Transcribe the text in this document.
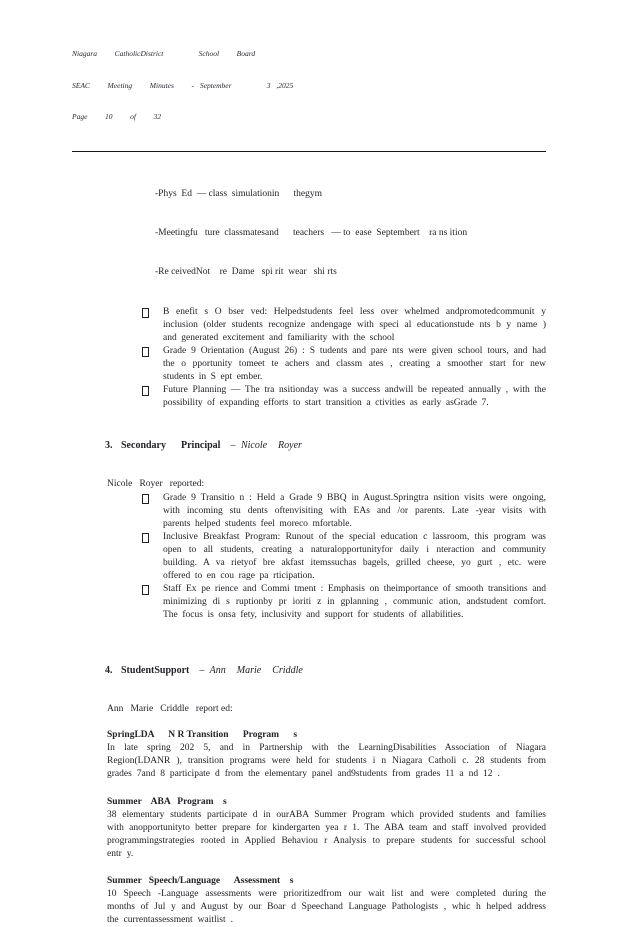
Niagara   CatholicDistrict      School   Board

SEAC   Meeting   Minutes   - September      3 ,2025

Page   10   of   32

-Phys  Ed  — class  simulationin      thegym

-Meetingfu   ture  classmatesand      teachers   — to  ease  Septembert    ra ns ition

-Re ceivedNot    re  Dame   spi rit  wear   shi rts

B enefit s O bser ved: Helpedstudents feel less over whelmed andpromotedcommunit y inclusion (older students recognize andengage with speci al educationstude nts b y name ) and generated excitement and familiarity with the school
Grade 9 Orientation (August 26) : S tudents and pare nts were given school tours, and had the o pportunity tomeet te achers and classm ates , creating a smoother start for new students in S ept ember.
Future Planning — The tra nsitionday was a success andwill be repeated annually , with the possibility of expanding efforts to start transition a ctivities as early asGrade 7.

3. Secondary      Principal – Nicole  Royer

Nicole   Royer   reported:
Grade 9 Transitio n : Held a Grade 9 BBQ in August.Springtra nsition visits were ongoing, with incoming stu dents oftenvisiting with EAs and /or parents. Late -year visits with parents helped students feel moreco mfortable.
Inclusive Breakfast Program: Runout of the special education c lassroom, this program was open to all students, creating a naturalopportunityfor daily i nteraction and community building. A va rietyof bre akfast itemssuchas bagels, grilled cheese, yo gurt , etc. were offered to en cou rage pa rticipation.
Staff Ex pe rience and Commi tment : Emphasis on theimportance of smooth transitions and minimizing di s ruptionby pr ioriti z in gplanning , communic ation, andstudent comfort. The focus is onsa fety, inclusivity and support for students of allabilities.

4. StudentSupport – Ann  Marie  Criddle

Ann   Marie   Criddle   report ed:
SpringLDA      N R Transition      Program      s

In late spring 202 5, and in Partnership with the LearningDisabilities Association of Niagara Region(LDANR ), transition programs were held for students i n Niagara Catholi c. 28 students from grades 7and 8 participate d from the elementary panel and9students from grades 11 a nd 12 .

Summer    ABA   Program    s

38 elementary students participate d in ourABA Summer Program which provided students and families with anopportunityto better prepare for kindergarten yea r 1. The ABA team and staff involved provided programmingstrategies rooted in Applied Behaviou r Analysis to prepare students for successful school entr y.

Summer   Speech/Language      Assessment    s

10 Speech -Language assessments were prioritizedfrom our wait list and were completed during the months of Jul y and August by our Boar d Speechand Language Pathologists , whic h helped address the currentassessment waitlist .
